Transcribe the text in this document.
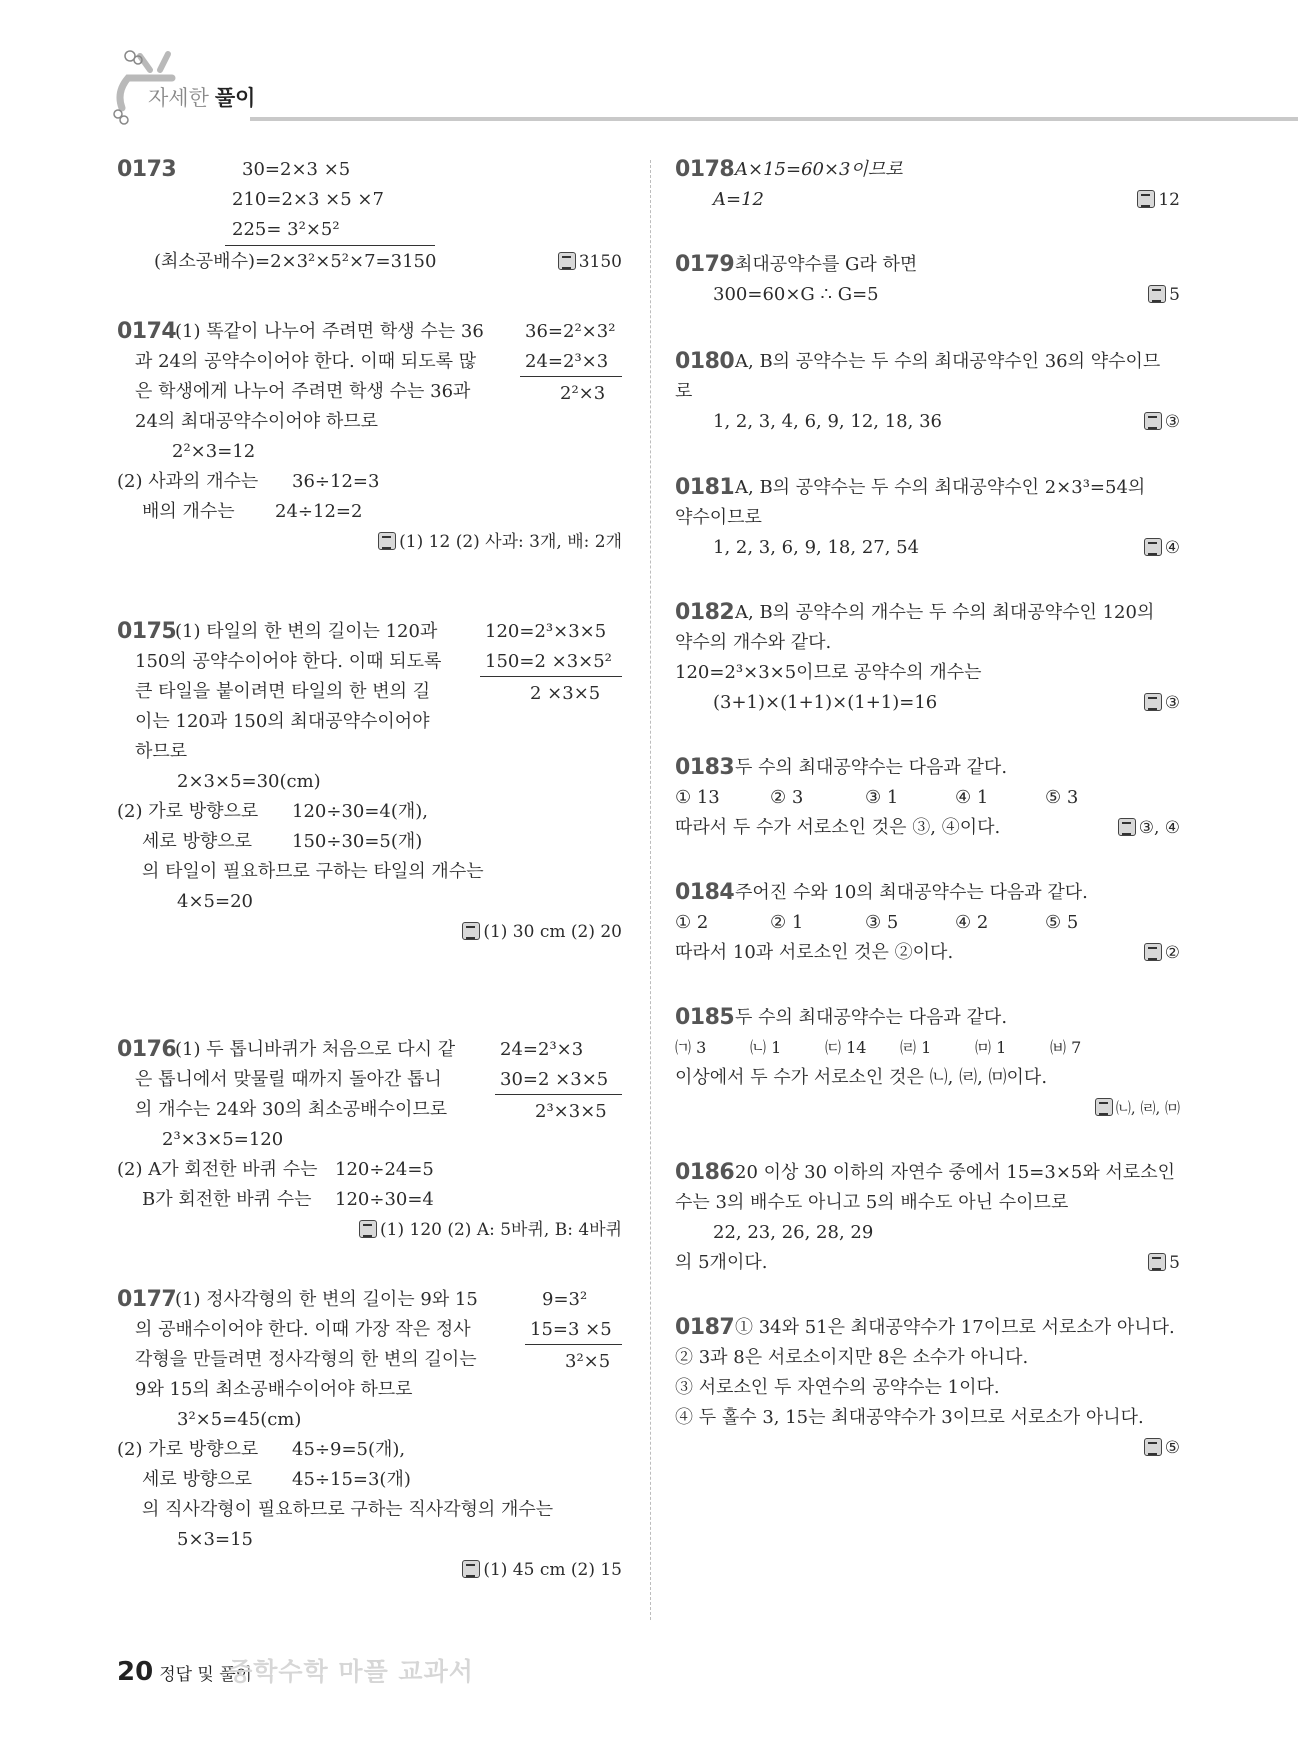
자세한 풀이
0173	30=2×3 ×5
210=2×3 ×5 ×7
225= 3²×5²
(최소공배수)=2×3²×5²×7=3150	3150
0174
(1) 똑같이 나누어 주려면 학생 수는 36
과 24의 공약수이어야 한다. 이때 되도록 많
은 학생에게 나누어 주려면 학생 수는 36과
24의 최대공약수이어야 하므로
2²×3=12
36=2²×3²
24=2³×3
2²×3
(2) 사과의 개수는 36÷12=3
배의 개수는 24÷12=2
(1) 12 (2) 사과: 3개, 배: 2개
0175
(1) 타일의 한 변의 길이는 120과
150의 공약수이어야 한다. 이때 되도록
큰 타일을 붙이려면 타일의 한 변의 길
이는 120과 150의 최대공약수이어야
하므로
2×3×5=30(cm)
120=2³×3×5
150=2 ×3×5²
2 ×3×5
(2) 가로 방향으로 120÷30=4(개),
세로 방향으로 150÷30=5(개)
의 타일이 필요하므로 구하는 타일의 개수는
4×5=20
(1) 30 cm (2) 20
0176
(1) 두 톱니바퀴가 처음으로 다시 같
은 톱니에서 맞물릴 때까지 돌아간 톱니
의 개수는 24와 30의 최소공배수이므로
2³×3×5=120
24=2³×3
30=2 ×3×5
2³×3×5
(2) A가 회전한 바퀴 수는 120÷24=5
B가 회전한 바퀴 수는 120÷30=4
(1) 120 (2) A: 5바퀴, B: 4바퀴
0177
(1) 정사각형의 한 변의 길이는 9와 15
의 공배수이어야 한다. 이때 가장 작은 정사
각형을 만들려면 정사각형의 한 변의 길이는
9와 15의 최소공배수이어야 하므로
3²×5=45(cm)
9=3²
15=3 ×5
3²×5
(2) 가로 방향으로 45÷9=5(개),
세로 방향으로 45÷15=3(개)
의 직사각형이 필요하므로 구하는 직사각형의 개수는
5×3=15
(1) 45 cm (2) 15
0178 A×15=60×3이므로
A=12	12
0179 최대공약수를 G라 하면
300=60×G ∴ G=5	5
0180 A, B의 공약수는 두 수의 최대공약수인 36의 약수이므
로
1, 2, 3, 4, 6, 9, 12, 18, 36	③
0181 A, B의 공약수는 두 수의 최대공약수인 2×3³=54의
약수이므로
1, 2, 3, 6, 9, 18, 27, 54	④
0182 A, B의 공약수의 개수는 두 수의 최대공약수인 120의
약수의 개수와 같다.
120=2³×3×5이므로 공약수의 개수는
(3+1)×(1+1)×(1+1)=16	③
0183 두 수의 최대공약수는 다음과 같다.
① 13	② 3	③ 1	④ 1	⑤ 3
따라서 두 수가 서로소인 것은 ③, ④이다.	③, ④
0184 주어진 수와 10의 최대공약수는 다음과 같다.
① 2	② 1	③ 5	④ 2	⑤ 5
따라서 10과 서로소인 것은 ②이다.	②
0185 두 수의 최대공약수는 다음과 같다.
㈀ 3	㈁ 1	㈂ 14 ㈃ 1	㈄ 1	㈅ 7
이상에서 두 수가 서로소인 것은 ㈁, ㈃, ㈄이다.
㈁, ㈃, ㈄
0186 20 이상 30 이하의 자연수 중에서 15=3×5와 서로소인
수는 3의 배수도 아니고 5의 배수도 아닌 수이므로
22, 23, 26, 28, 29
의 5개이다.	5
0187 ① 34와 51은 최대공약수가 17이므로 서로소가 아니다.
② 3과 8은 서로소이지만 8은 소수가 아니다.
③ 서로소인 두 자연수의 공약수는 1이다.
④ 두 홀수 3, 15는 최대공약수가 3이므로 서로소가 아니다.
⑤
20 정답 및 풀이중학수학 마플 교과서
